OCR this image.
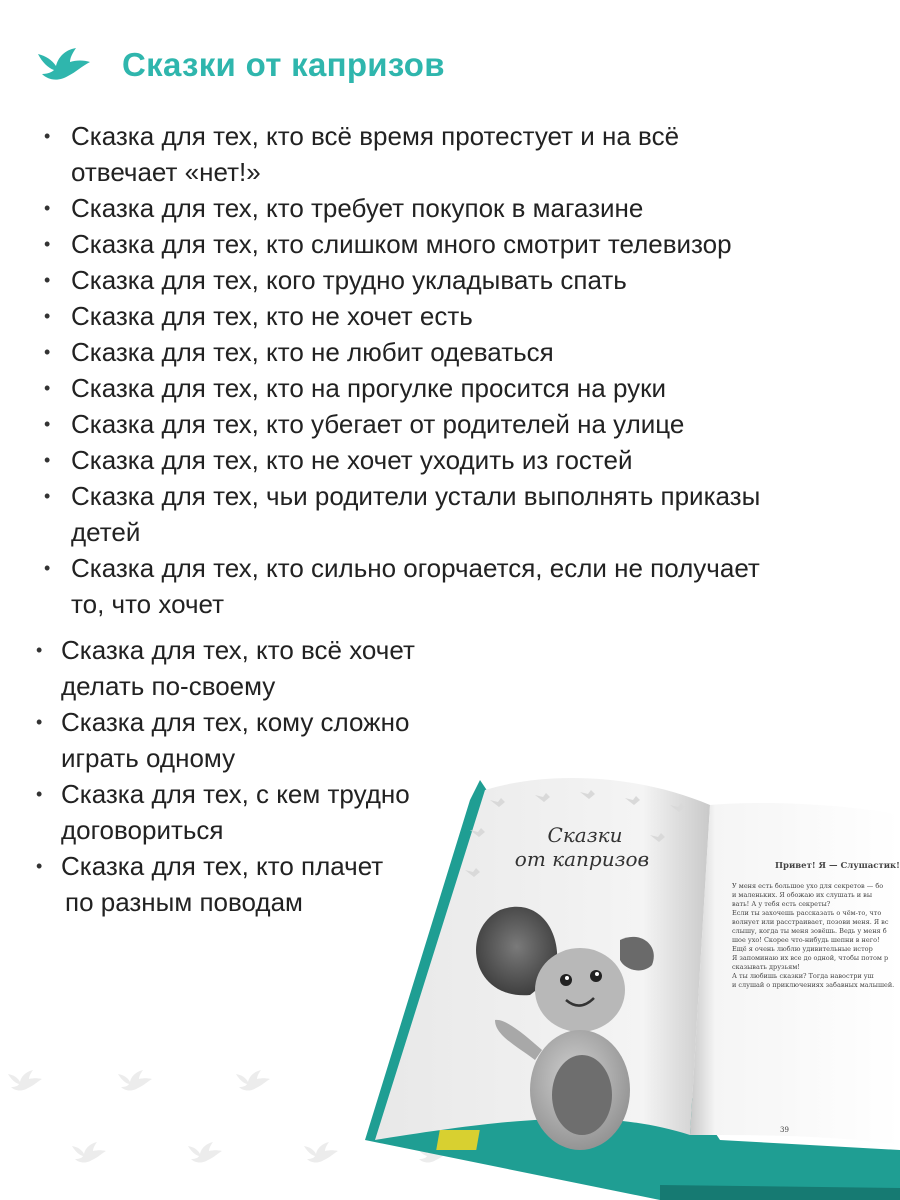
Сказки от капризов
• Сказка для тех, кто всё время протестует и на всё
отвечает «нет!»
• Сказка для тех, кто требует покупок в магазине
• Сказка для тех, кто слишком много смотрит телевизор
• Сказка для тех, кого трудно укладывать спать
• Сказка для тех, кто не хочет есть
• Сказка для тех, кто не любит одеваться
• Сказка для тех, кто на прогулке просится на руки
• Сказка для тех, кто убегает от родителей на улице
• Сказка для тех, кто не хочет уходить из гостей
• Сказка для тех, чьи родители устали выполнять приказы
детей
• Сказка для тех, кто сильно огорчается, если не получает
то, что хочет
• Сказка для тех, кто всё хочет
делать по-своему
• Сказка для тех, кому сложно
играть одному
• Сказка для тех, с кем трудно
договориться
• Сказка для тех, кто плачет
по разным поводам
Сказки
от капризов	Привет! Я — Слушастик!
У меня есть большое ухо для секретов — бо
и маленьких. Я обожаю их слушать и вы
вать! А у тебя есть секреты?
Если ты захочешь рассказать о чём-то, что
волнует или расстраивает, позови меня. Я вс
слышу, когда ты меня зовёшь. Ведь у меня б
шое ухо! Скорее что-нибудь шепни в него!
Ещё я очень люблю удивительные истор
Я запоминаю их все до одной, чтобы потом р
сказывать друзьям!
А ты любишь сказки? Тогда навостри уш
и слушай о приключениях забавных малышей.
39
